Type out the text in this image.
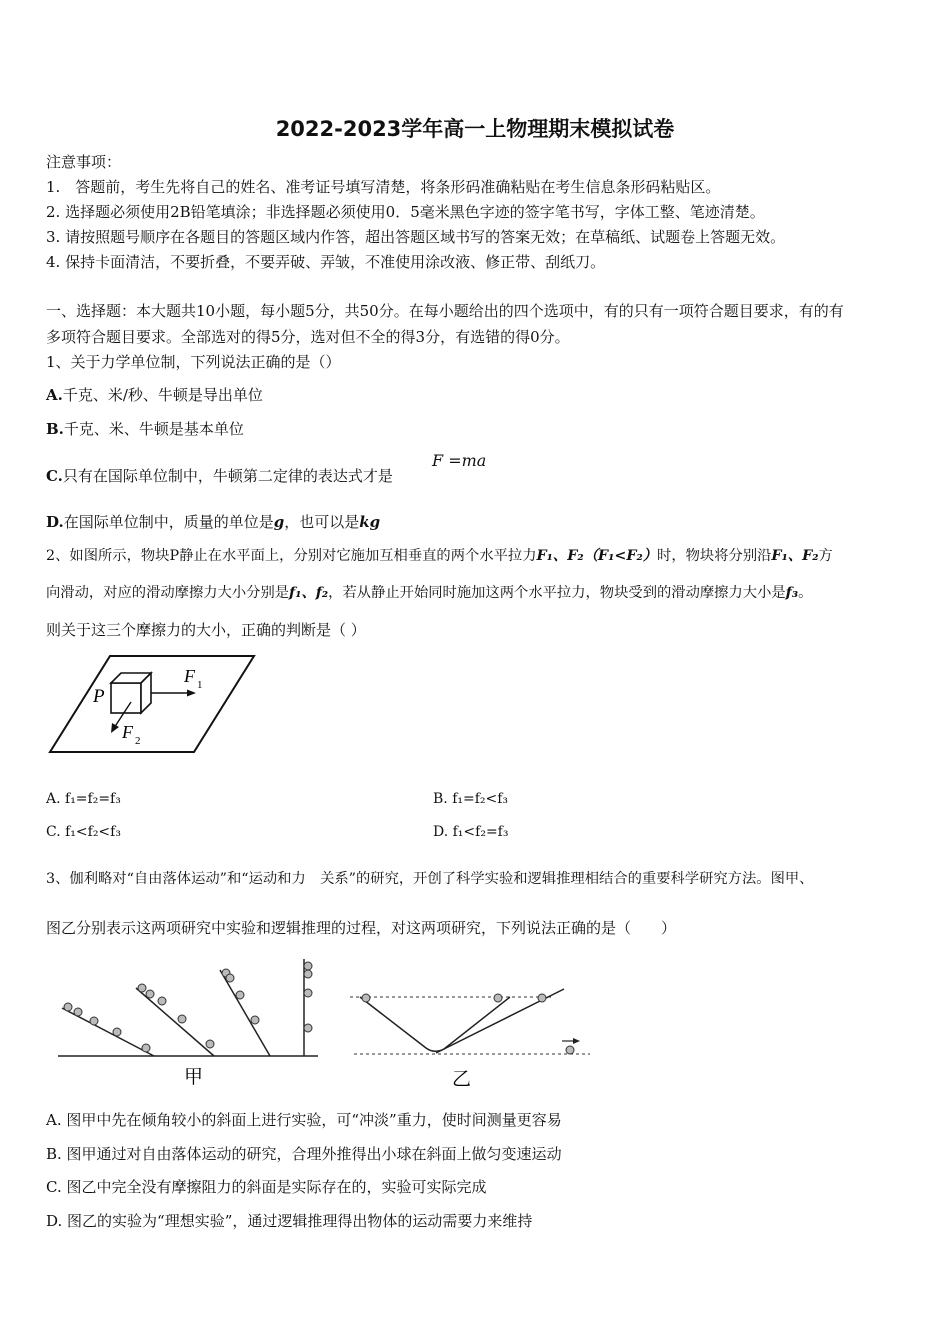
2022-2023学年高一上物理期末模拟试卷
注意事项：
1.　答题前，考生先将自己的姓名、准考证号填写清楚，将条形码准确粘贴在考生信息条形码粘贴区。
2. 选择题必须使用2B铅笔填涂；非选择题必须使用0．5毫米黑色字迹的签字笔书写，字体工整、笔迹清楚。
3. 请按照题号顺序在各题目的答题区域内作答，超出答题区域书写的答案无效；在草稿纸、试题卷上答题无效。
4. 保持卡面清洁，不要折叠，不要弄破、弄皱，不准使用涂改液、修正带、刮纸刀。
一、选择题：本大题共10小题，每小题5分，共50分。在每小题给出的四个选项中，有的只有一项符合题目要求，有的有
多项符合题目要求。全部选对的得5分，选对但不全的得3分，有选错的得0分。
1、关于力学单位制，下列说法正确的是（）
A.千克、米/秒、牛顿是导出单位
B.千克、米、牛顿是基本单位
C.只有在国际单位制中，牛顿第二定律的表达式才是
F =ma
D.在国际单位制中，质量的单位是g，也可以是kg
2、如图所示，物块P静止在水平面上，分别对它施加互相垂直的两个水平拉力F₁、F₂（F₁<F₂）时，物块将分别沿F₁、F₂方
向滑动，对应的滑动摩擦力大小分别是f₁、f₂，若从静止开始同时施加这两个水平拉力，物块受到的滑动摩擦力大小是f₃。
则关于这三个摩擦力的大小，正确的判断是（ ）
P
F 1
F 2
A. f₁=f₂=f₃	B. f₁=f₂<f₃
C. f₁<f₂<f₃	D. f₁<f₂=f₃
3、伽利略对“自由落体运动”和“运动和力　关系”的研究，开创了科学实验和逻辑推理相结合的重要科学研究方法。图甲、
图乙分别表示这两项研究中实验和逻辑推理的过程，对这两项研究，下列说法正确的是（　　）
甲	乙
A. 图甲中先在倾角较小的斜面上进行实验，可“冲淡”重力，使时间测量更容易
B. 图甲通过对自由落体运动的研究，合理外推得出小球在斜面上做匀变速运动
C. 图乙中完全没有摩擦阻力的斜面是实际存在的，实验可实际完成
D. 图乙的实验为“理想实验”，通过逻辑推理得出物体的运动需要力来维持
